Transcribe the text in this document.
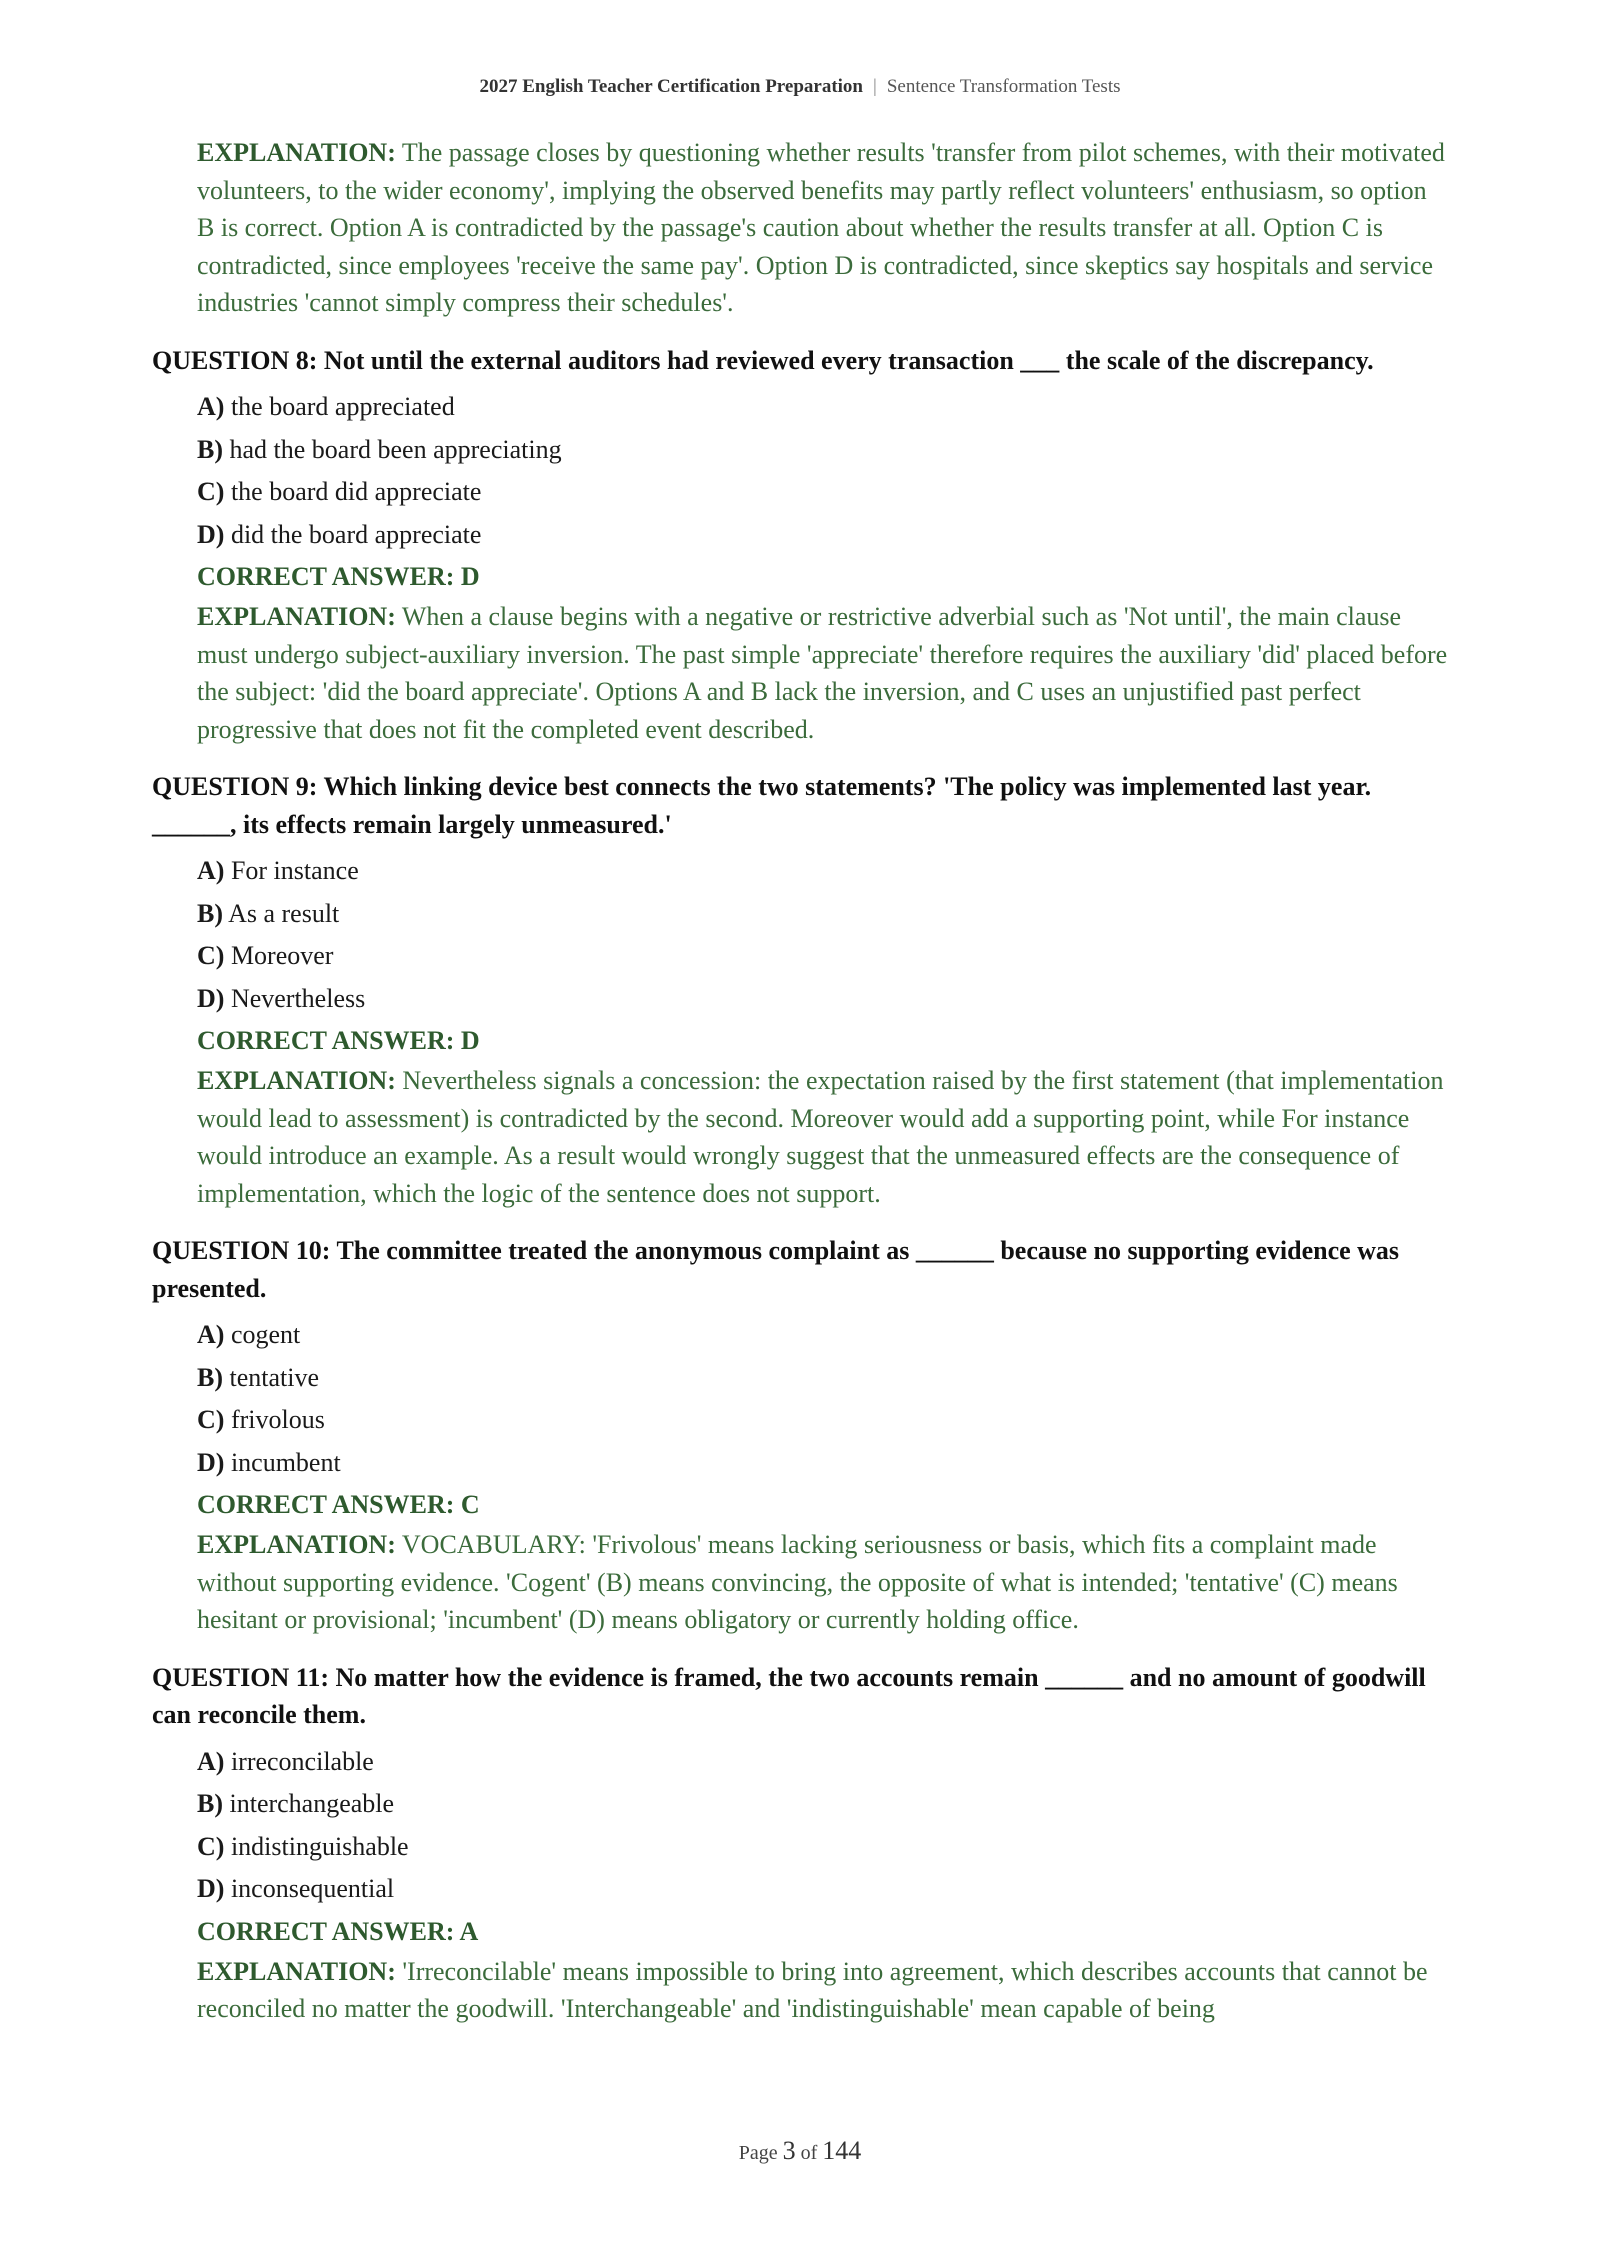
2027 English Teacher Certification Preparation | Sentence Transformation Tests
EXPLANATION: The passage closes by questioning whether results 'transfer from pilot schemes, with their motivated volunteers, to the wider economy', implying the observed benefits may partly reflect volunteers' enthusiasm, so option B is correct. Option A is contradicted by the passage's caution about whether the results transfer at all. Option C is contradicted, since employees 'receive the same pay'. Option D is contradicted, since skeptics say hospitals and service industries 'cannot simply compress their schedules'.
QUESTION 8: Not until the external auditors had reviewed every transaction ___ the scale of the discrepancy.
A) the board appreciated
B) had the board been appreciating
C) the board did appreciate
D) did the board appreciate
CORRECT ANSWER: D
EXPLANATION: When a clause begins with a negative or restrictive adverbial such as 'Not until', the main clause must undergo subject-auxiliary inversion. The past simple 'appreciate' therefore requires the auxiliary 'did' placed before the subject: 'did the board appreciate'. Options A and B lack the inversion, and C uses an unjustified past perfect progressive that does not fit the completed event described.
QUESTION 9: Which linking device best connects the two statements? 'The policy was implemented last year. ______, its effects remain largely unmeasured.'
A) For instance
B) As a result
C) Moreover
D) Nevertheless
CORRECT ANSWER: D
EXPLANATION: Nevertheless signals a concession: the expectation raised by the first statement (that implementation would lead to assessment) is contradicted by the second. Moreover would add a supporting point, while For instance would introduce an example. As a result would wrongly suggest that the unmeasured effects are the consequence of implementation, which the logic of the sentence does not support.
QUESTION 10: The committee treated the anonymous complaint as ______ because no supporting evidence was presented.
A) cogent
B) tentative
C) frivolous
D) incumbent
CORRECT ANSWER: C
EXPLANATION: VOCABULARY: 'Frivolous' means lacking seriousness or basis, which fits a complaint made without supporting evidence. 'Cogent' (B) means convincing, the opposite of what is intended; 'tentative' (C) means hesitant or provisional; 'incumbent' (D) means obligatory or currently holding office.
QUESTION 11: No matter how the evidence is framed, the two accounts remain ______ and no amount of goodwill can reconcile them.
A) irreconcilable
B) interchangeable
C) indistinguishable
D) inconsequential
CORRECT ANSWER: A
EXPLANATION: 'Irreconcilable' means impossible to bring into agreement, which describes accounts that cannot be reconciled no matter the goodwill. 'Interchangeable' and 'indistinguishable' mean capable of being
Page 3 of 144
